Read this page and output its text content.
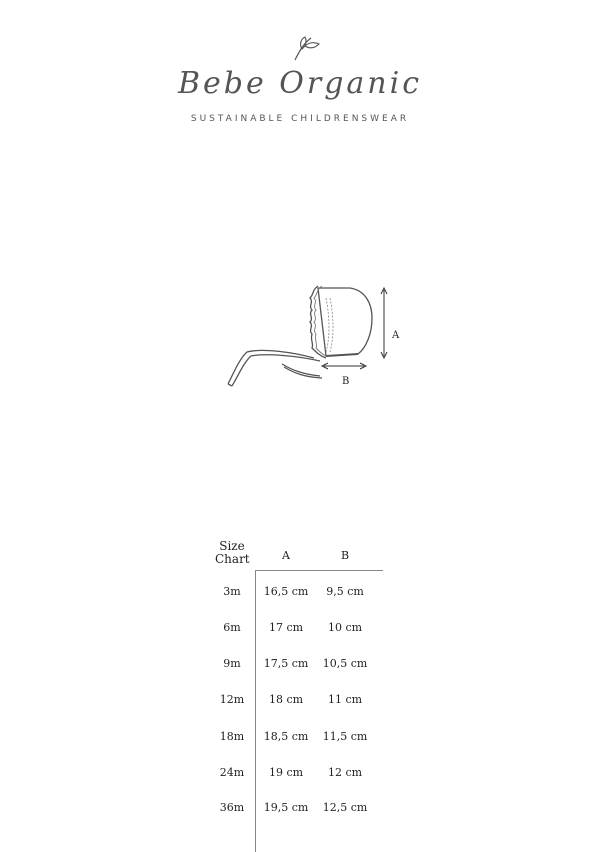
Bebe Organic
SUSTAINABLE CHILDRENSWEAR
A
B
Size Chart	A	B
3m	16,5 cm	9,5 cm
6m	17 cm	10 cm
9m	17,5 cm 10,5 cm
12m	18 cm	11 cm
18m 18,5 cm 11,5 cm
24m	19 cm	12 cm
36m 19,5 cm 12,5 cm
